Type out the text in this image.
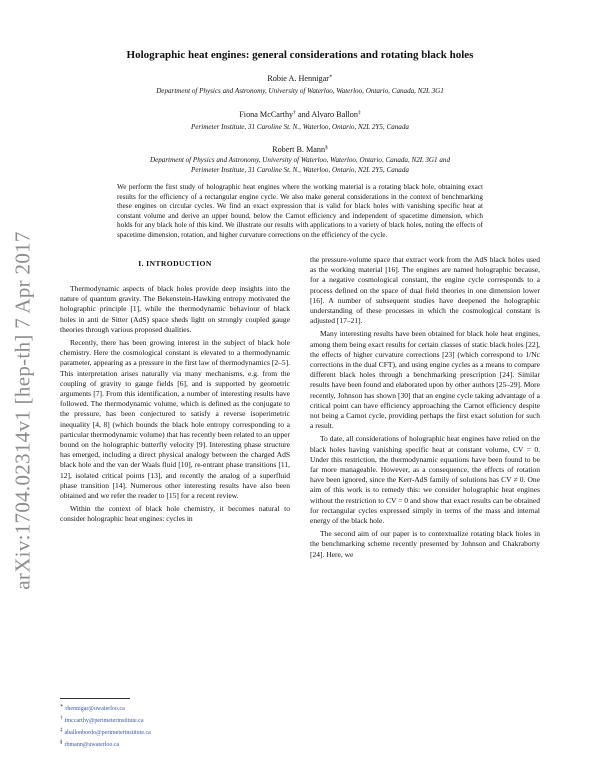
arXiv:1704.02314v1 [hep-th] 7 Apr 2017
Holographic heat engines: general considerations and rotating black holes

Robie A. Hennigar∗

Department of Physics and Astronomy, University of Waterloo, Waterloo, Ontario, Canada, N2L 3G1

Fiona McCarthy† and Alvaro Ballon‡

Perimeter Institute, 31 Caroline St. N., Waterloo, Ontario, N2L 2Y5, Canada

Robert B. Mann§

Department of Physics and Astronomy, University of Waterloo, Waterloo, Ontario, Canada, N2L 3G1 and

Perimeter Institute, 31 Caroline St. N., Waterloo, Ontario, N2L 2Y5, Canada

We perform the first study of holographic heat engines where the working material is a rotating black hole, obtaining exact results for the efficiency of a rectangular engine cycle. We also make general considerations in the context of benchmarking these engines on circular cycles. We find an exact expression that is valid for black holes with vanishing specific heat at constant volume and derive an upper bound, below the Carnot efficiency and independent of spacetime dimension, which holds for any black hole of this kind. We illustrate our results with applications to a variety of black holes, noting the effects of spacetime dimension, rotation, and higher curvature corrections on the efficiency of the cycle.

I. INTRODUCTION

Thermodynamic aspects of black holes provide deep insights into the nature of quantum gravity. The Bekenstein-Hawking entropy motivated the holographic principle [1], while the thermodynamic behaviour of black holes in anti de Sitter (AdS) space sheds light on strongly coupled gauge theories through various proposed dualities.

Recently, there has been growing interest in the subject of black hole chemistry. Here the cosmological constant is elevated to a thermodynamic parameter, appearing as a pressure in the first law of thermodynamics [2–5]. This interpretation arises naturally via many mechanisms, e.g. from the coupling of gravity to gauge fields [6], and is supported by geometric arguments [7]. From this identification, a number of interesting results have followed. The thermodynamic volume, which is defined as the conjugate to the pressure, has been conjectured to satisfy a reverse isoperimetric inequality [4, 8] (which bounds the black hole entropy corresponding to a particular thermodynamic volume) that has recently been related to an upper bound on the holographic butterfly velocity [9]. Interesting phase structure has emerged, including a direct physical analogy between the charged AdS black hole and the van der Waals fluid [10], re-entrant phase transitions [11, 12], isolated critical points [13], and recently the analog of a superfluid phase transition [14]. Numerous other interesting results have also been obtained and we refer the reader to [15] for a recent review.

Within the context of black hole chemistry, it becomes natural to consider holographic heat engines: cycles in

the pressure-volume space that extract work from the AdS black holes used as the working material [16]. The engines are named holographic because, for a negative cosmological constant, the engine cycle corresponds to a process defined on the space of dual field theories in one dimension lower [16]. A number of subsequent studies have deepened the holographic understanding of these processes in which the cosmological constant is adjusted [17–21].

Many interesting results have been obtained for black hole heat engines, among them being exact results for certain classes of static black holes [22], the effects of higher curvature corrections [23] (which correspond to 1/Nc corrections in the dual CFT), and using engine cycles as a means to compare different black holes through a benchmarking prescription [24]. Similar results have been found and elaborated upon by other authors [25–29]. More recently, Johnson has shown [30] that an engine cycle taking advantage of a critical point can have efficiency approaching the Carnot efficiency despite not being a Carnot cycle, providing perhaps the first exact solution for such a result.

To date, all considerations of holographic heat engines have relied on the black holes having vanishing specific heat at constant volume, CV = 0. Under this restriction, the thermodynamic equations have been found to be far more manageable. However, as a consequence, the effects of rotation have been ignored, since the Kerr-AdS family of solutions has CV ≠ 0. One aim of this work is to remedy this: we consider holographic heat engines without the restriction to CV = 0 and show that exact results can be obtained for rectangular cycles expressed simply in terms of the mass and internal energy of the black hole.

The second aim of our paper is to contextualize rotating black holes in the benchmarking scheme recently presented by Johnson and Chakraborty [24]. Here, we

∗ rhennigar@uwaterloo.ca
† fmccarthy@perimeterinstitute.ca
‡ aballonbordo@perimeterinstitute.ca
§ rbmann@uwaterloo.ca
